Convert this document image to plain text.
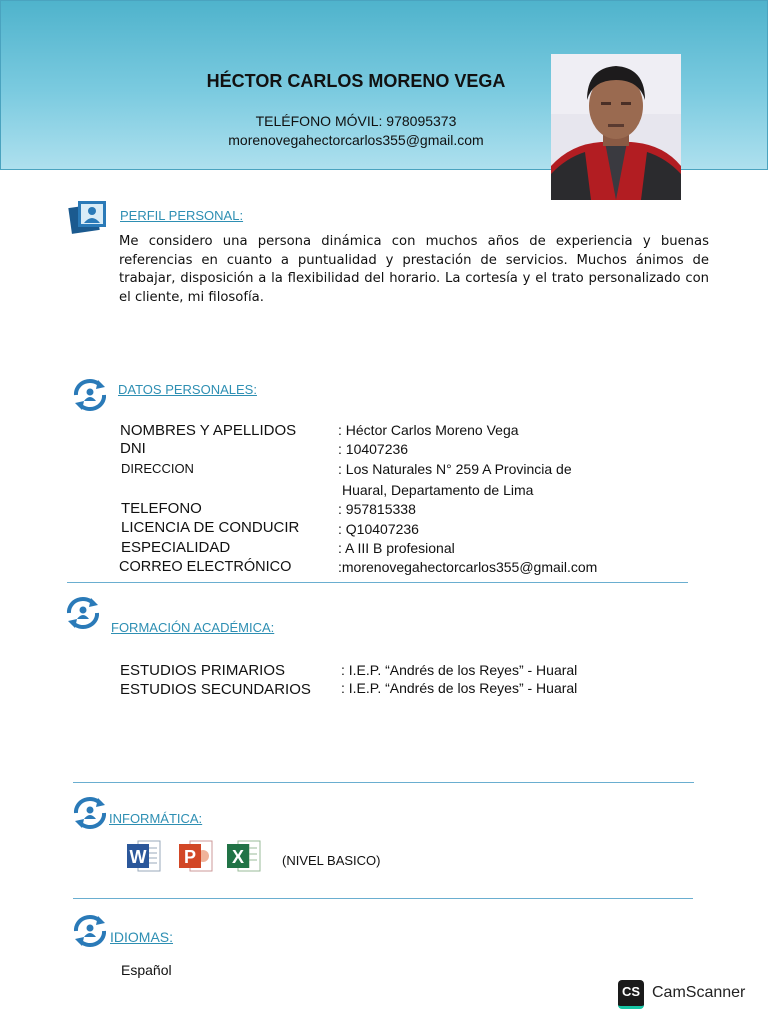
HÉCTOR CARLOS MORENO VEGA
TELÉFONO MÓVIL: 978095373
morenovegahectorcarlos355@gmail.com
PERFIL PERSONAL:
Me considero una persona dinámica con muchos años de experiencia y buenas referencias en cuanto a puntualidad y prestación de servicios. Muchos ánimos de trabajar, disposición a la flexibilidad del horario. La cortesía y el trato personalizado con el cliente, mi filosofía.
DATOS PERSONALES:
NOMBRES Y APELLIDOS	: Héctor Carlos Moreno Vega
DNI	: 10407236
DIRECCION	: Los Naturales N° 259 A Provincia de
Huaral, Departamento de Lima
TELEFONO	: 957815338
LICENCIA DE CONDUCIR	: Q10407236
ESPECIALIDAD	: A III B profesional
CORREO ELECTRÓNICO	:morenovegahectorcarlos355@gmail.com
FORMACIÓN ACADÉMICA:
ESTUDIOS PRIMARIOS	: I.E.P. “Andrés de los Reyes” - Huaral
ESTUDIOS SECUNDARIOS : I.E.P. “Andrés de los Reyes” - Huaral
INFORMÁTICA:
W P X	(NIVEL BASICO)
IDIOMAS:
Español
CS CamScanner
